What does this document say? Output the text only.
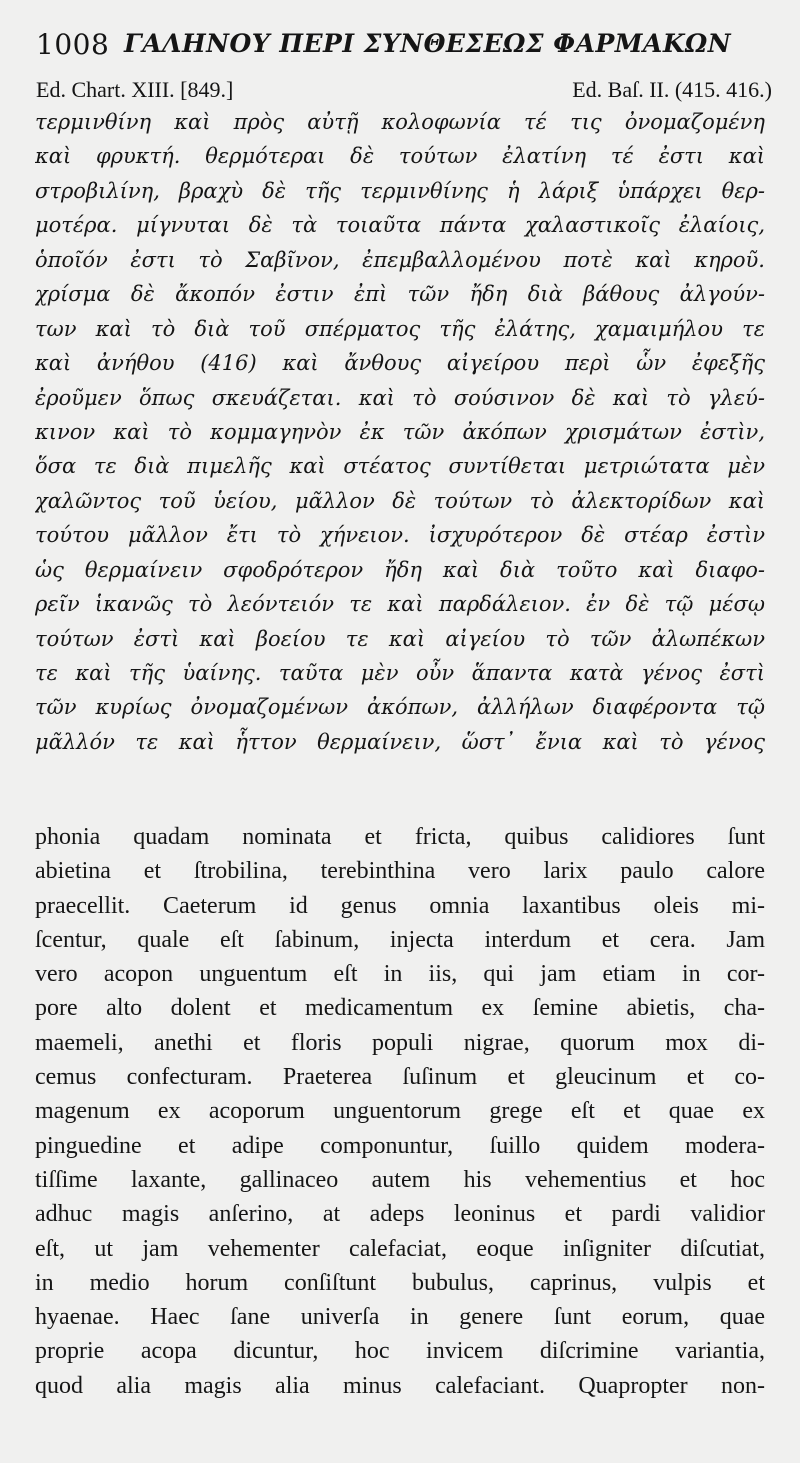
1008 ΓΑΛΗΝΟΥ ΠΕΡΙ ΣΥΝΘΕΣΕΩΣ ΦΑΡΜΑΚΩΝ
Ed. Chart. XIII. [849.]	Ed. Baſ. II. (415. 416.)
τερμινθίνη καὶ πρὸς αὐτῇ κολοφωνία τέ τις ὀνομαζομένη
καὶ φρυκτή. θερμότεραι δὲ τούτων ἐλατίνη τέ ἐστι καὶ
στροβιλίνη, βραχὺ δὲ τῆς τερμινθίνης ἡ λάριξ ὑπάρχει θερ-
μοτέρα. μίγνυται δὲ τὰ τοιαῦτα πάντα χαλαστικοῖς ἐλαίοις,
ὁποῖόν ἐστι τὸ Σαβῖνον, ἐπεμβαλλομένου ποτὲ καὶ κηροῦ.
χρίσμα δὲ ἄκοπόν ἐστιν ἐπὶ τῶν ἤδη διὰ βάθους ἀλγούν-
των καὶ τὸ διὰ τοῦ σπέρματος τῆς ἐλάτης, χαμαιμήλου τε
καὶ ἀνήθου (416) καὶ ἄνθους αἰγείρου περὶ ὧν ἐφεξῆς
ἐροῦμεν ὅπως σκευάζεται. καὶ τὸ σούσινον δὲ καὶ τὸ γλεύ-
κινον καὶ τὸ κομμαγηνὸν ἐκ τῶν ἀκόπων χρισμάτων ἐστὶν,
ὅσα τε διὰ πιμελῆς καὶ στέατος συντίθεται μετριώτατα μὲν
χαλῶντος τοῦ ὑείου, μᾶλλον δὲ τούτων τὸ ἀλεκτορίδων καὶ
τούτου μᾶλλον ἔτι τὸ χήνειον. ἰσχυρότερον δὲ στέαρ ἐστὶν
ὡς θερμαίνειν σφοδρότερον ἤδη καὶ διὰ τοῦτο καὶ διαφο-
ρεῖν ἱκανῶς τὸ λεόντειόν τε καὶ παρδάλειον. ἐν δὲ τῷ μέσῳ
τούτων ἐστὶ καὶ βοείου τε καὶ αἰγείου τὸ τῶν ἀλωπέκων
τε καὶ τῆς ὑαίνης. ταῦτα μὲν οὖν ἅπαντα κατὰ γένος ἐστὶ
τῶν κυρίως ὀνομαζομένων ἀκόπων, ἀλλήλων διαφέροντα τῷ
μᾶλλόν τε καὶ ἧττον θερμαίνειν, ὥστ᾽ ἔνια καὶ τὸ γένος
phonia quadam nominata et fricta, quibus calidiores ſunt
abietina et ſtrobilina, terebinthina vero larix paulo calore
praecellit. Caeterum id genus omnia laxantibus oleis mi-
ſcentur, quale eſt ſabinum, injecta interdum et cera. Jam
vero acopon unguentum eſt in iis, qui jam etiam in cor-
pore alto dolent et medicamentum ex ſemine abietis, cha-
maemeli, anethi et floris populi nigrae, quorum mox di-
cemus confecturam. Praeterea ſuſinum et gleucinum et co-
magenum ex acoporum unguentorum grege eſt et quae ex
pinguedine et adipe componuntur, ſuillo quidem modera-
tiſſime laxante, gallinaceo autem his vehementius et hoc
adhuc magis anſerino, at adeps leoninus et pardi validior
eſt, ut jam vehementer calefaciat, eoque inſigniter diſcutiat,
in medio horum conſiſtunt bubulus, caprinus, vulpis et
hyaenae. Haec ſane univerſa in genere ſunt eorum, quae
proprie acopa dicuntur, hoc invicem diſcrimine variantia,
quod alia magis alia minus calefaciant. Quapropter non-
